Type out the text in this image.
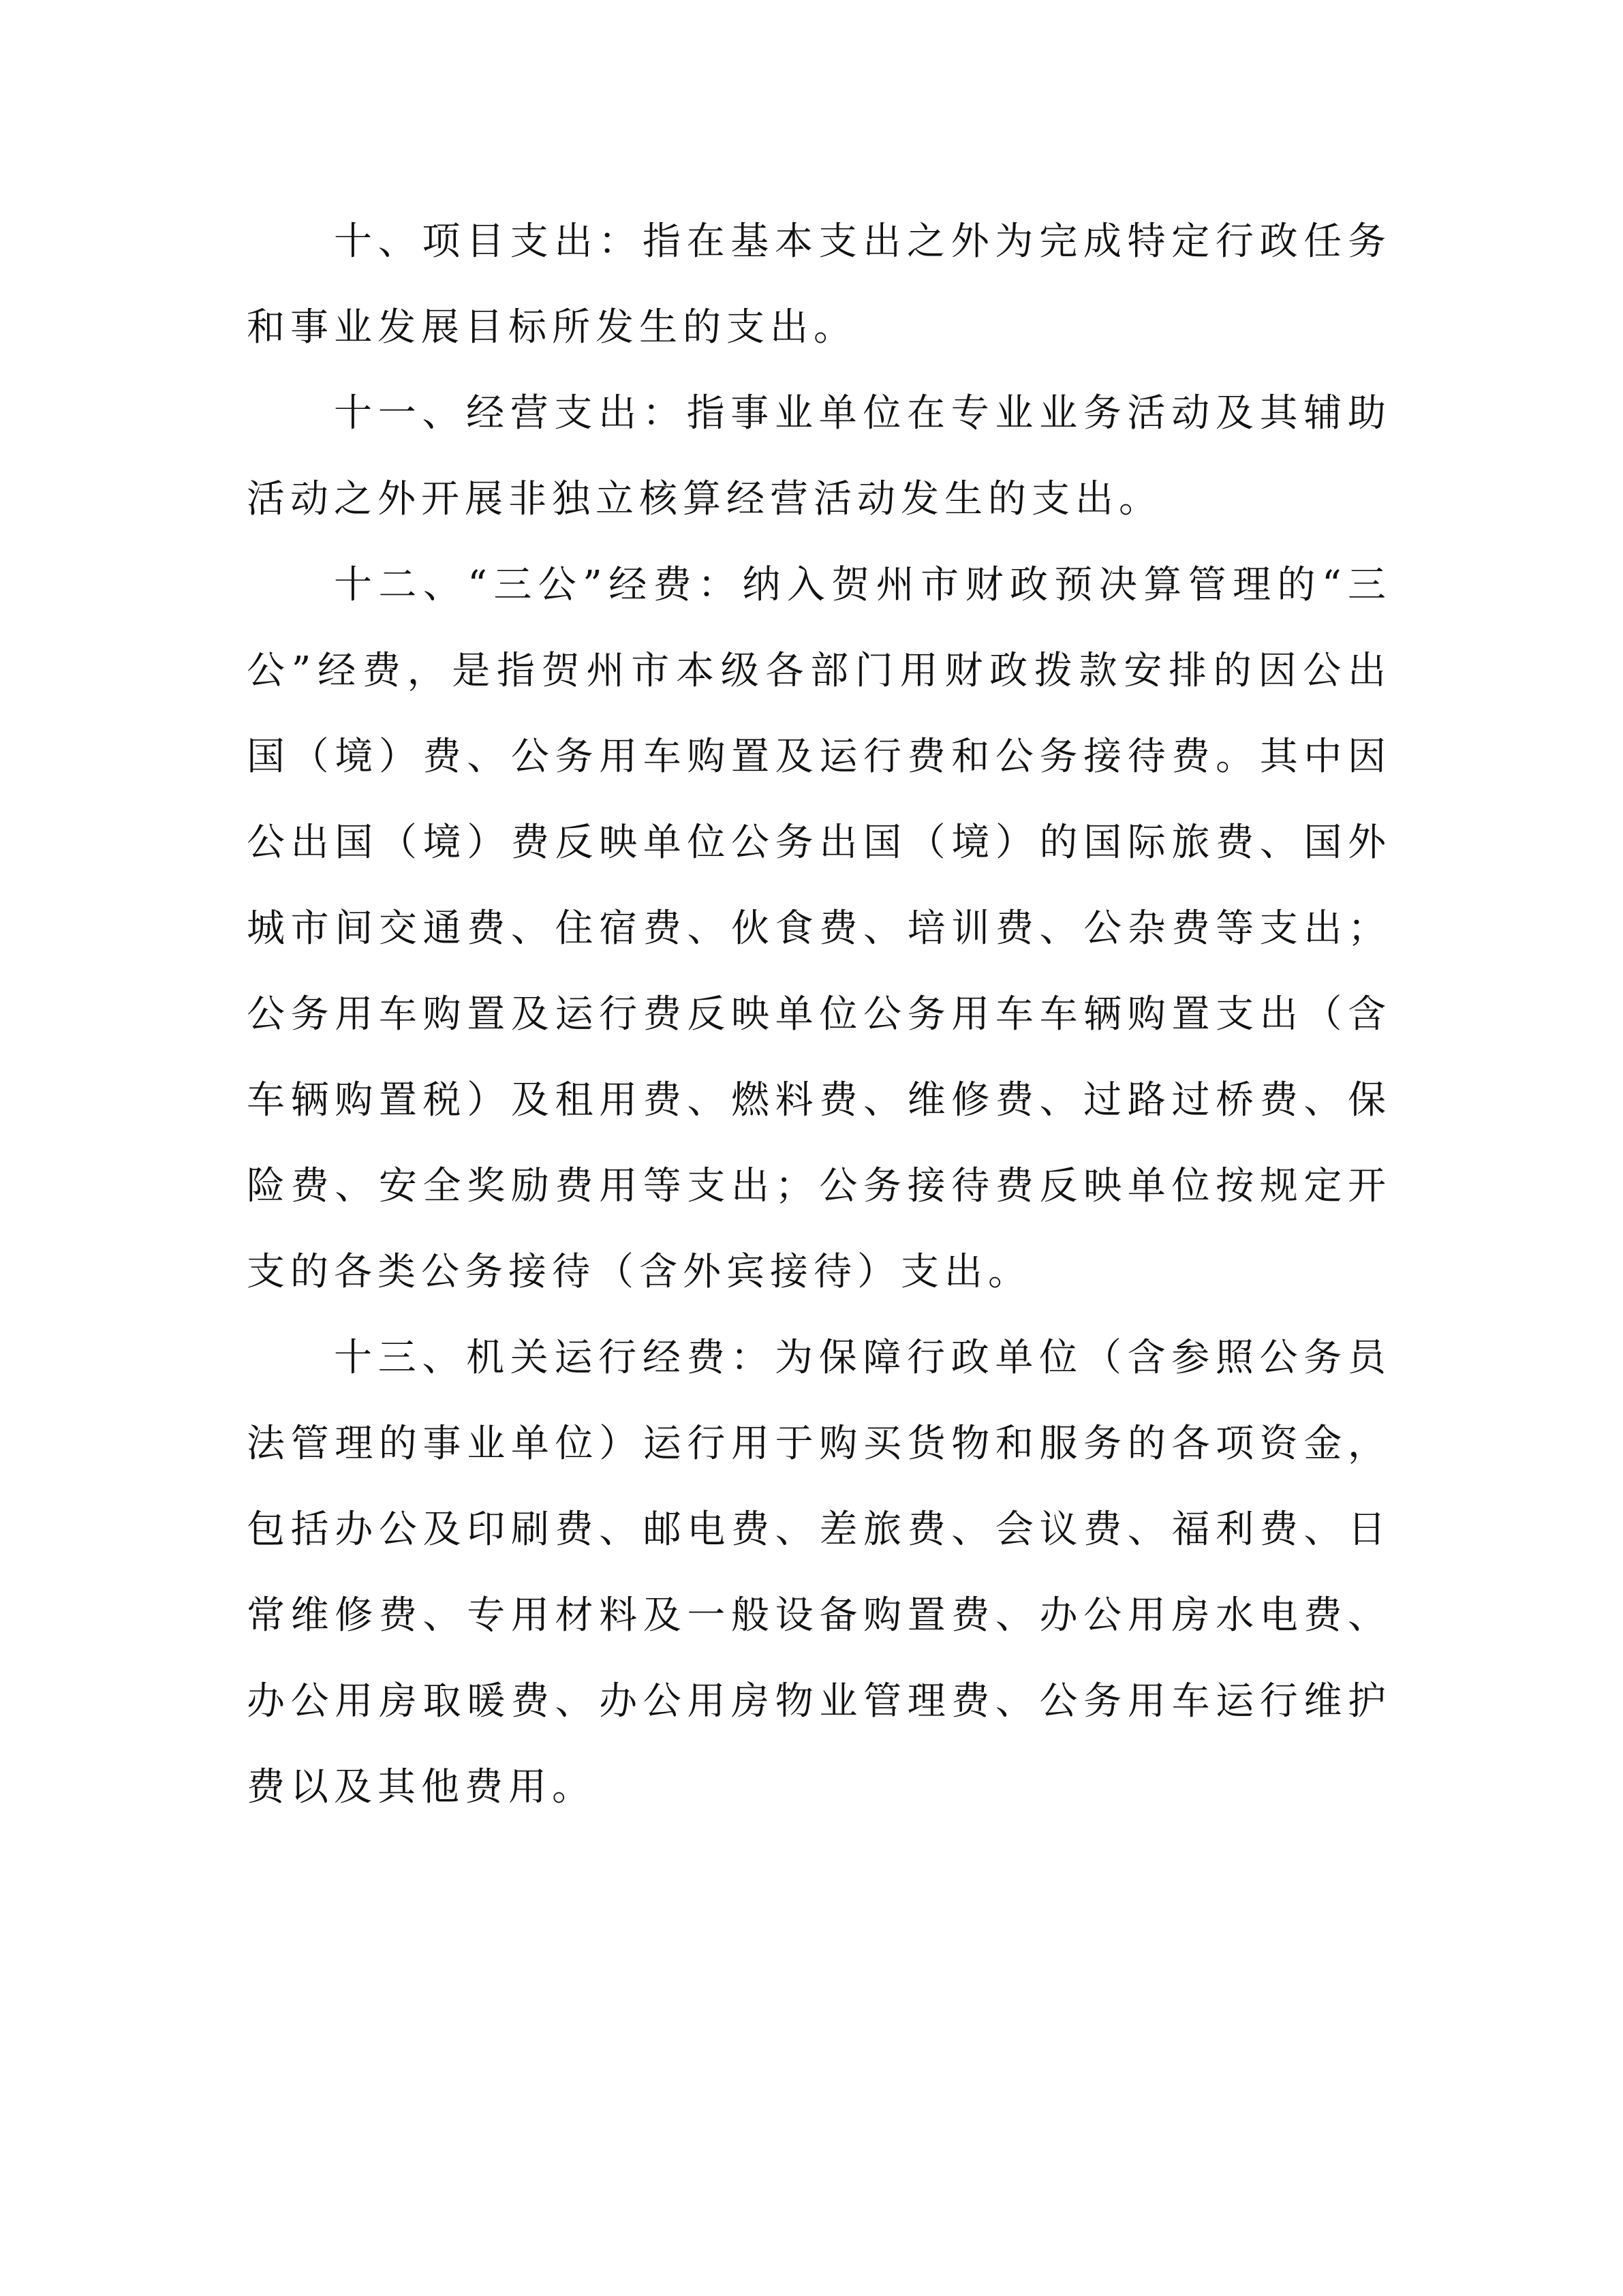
十、项目支出：指在基本支出之外为完成特定行政任务和事业发展目标所发生的支出。

十一、经营支出：指事业单位在专业业务活动及其辅助活动之外开展非独立核算经营活动发生的支出。

十二、“三公”经费：纳入贺州市财政预决算管理的“三公”经费，是指贺州市本级各部门用财政拨款安排的因公出国（境）费、公务用车购置及运行费和公务接待费。其中因公出国（境）费反映单位公务出国（境）的国际旅费、国外城市间交通费、住宿费、伙食费、培训费、公杂费等支出；公务用车购置及运行费反映单位公务用车车辆购置支出（含车辆购置税）及租用费、燃料费、维修费、过路过桥费、保险费、安全奖励费用等支出；公务接待费反映单位按规定开支的各类公务接待（含外宾接待）支出。

十三、机关运行经费：为保障行政单位（含参照公务员法管理的事业单位）运行用于购买货物和服务的各项资金，包括办公及印刷费、邮电费、差旅费、会议费、福利费、日常维修费、专用材料及一般设备购置费、办公用房水电费、办公用房取暖费、办公用房物业管理费、公务用车运行维护费以及其他费用。
